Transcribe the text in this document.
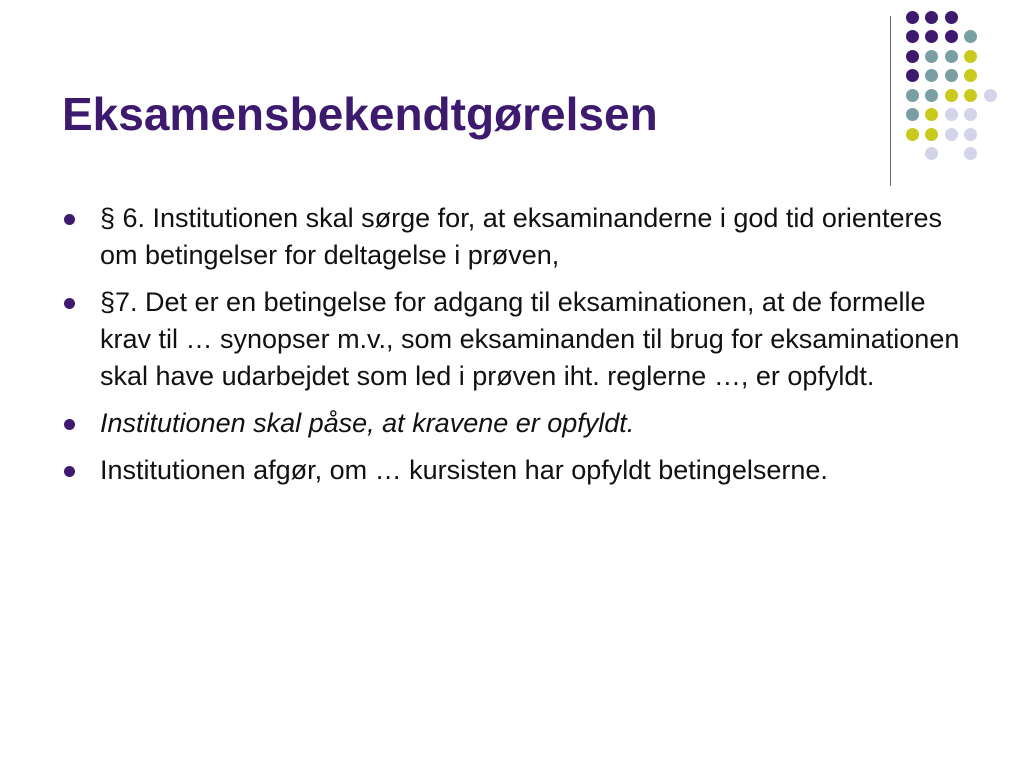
Eksamensbekendtgørelsen
§ 6. Institutionen skal sørge for, at eksaminanderne i god tid orienteres om betingelser for deltagelse i prøven,
§7. Det er en betingelse for adgang til eksaminationen, at de formelle krav til … synopser m.v., som eksaminanden til brug for eksaminationen skal have udarbejdet som led i prøven iht. reglerne …, er opfyldt.
Institutionen skal påse, at kravene er opfyldt.
Institutionen afgør, om … kursisten har opfyldt betingelserne.
